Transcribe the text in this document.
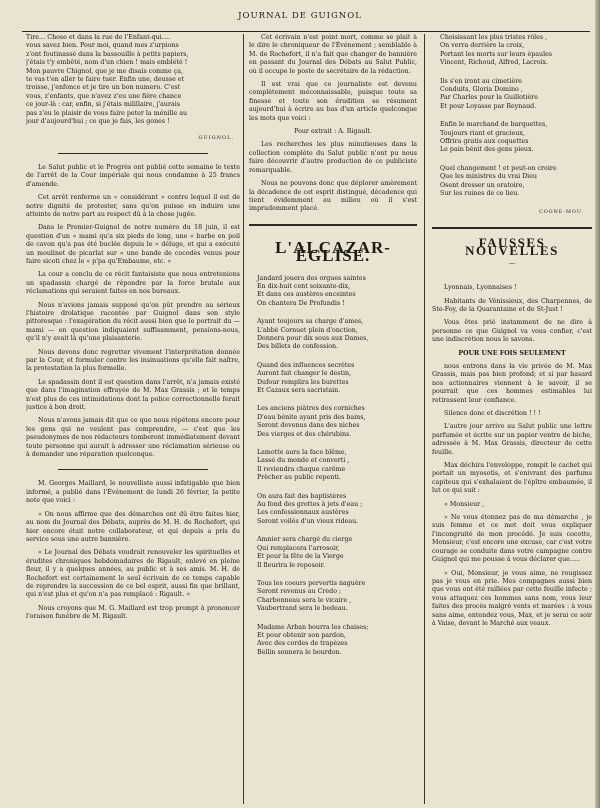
JOURNAL DE GUIGNOL
Tire… Chose et dans la rue de l'Enfant-qui….
vous savez bien. Pour moi, quand mes z'urpions
z'ont foutinassé dans la bassouille à petits papiers,
j'étais t'y embêté, nom d'un chien ! mais emblété !
Mon pauvre Chignol, que je me disais comme ça,
te vas t'en aller te faire tuer. Enfin une, deusse et
troisse, j'enfonce et je tire un bon numero. C'est
vous, z'enfants, que n'avez z'eu une fière chance
ce jour-là : car, enfin, si j'étais milillaire, j'aurais
pas z'eu le plaisir de vous faire peter la ménille au
jour d'aujourd'hui ; ce que je fais, les gones !
GUIGNOL.

Le Salut public et le Progrès ont publié cette semaine le texte de l'arrêt de la Cour impériale qui nous condamne à 25 francs d'amende.

Cet arrêt renferme un « considérant » contre lequel il est de notre dignité de protester, sans qu'on puisse en induire une atteinte de notre part au respect dû à la chose jugée.

Dans le Premier-Guignol de notre numéro du 18 juin, il est question d'un « mami qu'a six pieds de long, une « barbe en poil de cavon qu'a pas été buclée depuis le « déluge, et qui a exécuté un moulinet de picarlat sur « une bande de cocodès venus pour faire sicoti chez le « p'pa qu'Embaume, etc. »

La cour a conclu de ce récit fantaisiste que nous entretenions un spadassin chargé de répondre par la force brutale aux réclamations qui seraient faites en nos bureaux.

Nous n'avions jamais supposé qu'on pût prendre au sérieux l'histoire drolatique racontée par Guignol dans son style pittoresque : l'exagération du récit aussi bien que le portrait du — mami — en question indiquaient suffisamment, pensions-nous, qu'il n'y avait là qu'une plaisanterie.

Nous devons donc regretter vivement l'interprétation donnée par la Cour, et formuler contre les insinuations qu'elle fait naître, la protestation la plus formelle.

Le spadassin dont il est question dans l'arrêt, n'a jamais existé que dans l'imagination effrayée de M. Max Grassis ; et le temps n'est plus de ces intimidations dont la police correctionnelle ferait justice à bon droit.

Nous n'avons jamais dit que ce que nous répétons encore pour les gens qui ne veulent pas comprendre, — c'est que les pseudonymes de nos rédacteurs tomberont immédiatement devant toute personne qui aurait à adresser une réclamation sérieuse ou à demander une réparation quelconque.

M. Georges Maillard, le nouvelliste aussi infatigable que bien informé, a publié dans l'Événement de lundi 26 février, la petite note que voici :

« On nous affirme que des démarches ont dû être faites hier, au nom du Journal des Débats, auprès de M. H. de Rochefort, qui hier encore était notre collaborateur, et qui depuis a pris du service sous une autre bannière.

« Le Journal des Débats voudrait renouveler les spirituelles et érudites chroniques hebdomadaires de Rigault, enlevé en pleine fleur, il y a quelques années, au public et à ses amis. M. H. de Rochefort est certainement le seul écrivain de ce temps capable de reprendre la succession de ce bel esprit, aussi fin que brillant, qui n'est plus et qu'on n'a pas remplacé : Rigault. »

Nous croyons que M. G. Maillard est trop prompt à prononcer l'oraison funèbre de M. Rigault.

Cet écrivain n'est point mort, comme se plait à le dire le chroniqueur de l'Événement ; semblable à M. de Rochefort, il n'a fait que changer de bannière en passant du Journal des Débats au Salut Public, où il occupe le poste de secrétaire de la rédaction.

Il est vrai que ce journaliste est devenu complètement méconnaissable, puisque toute sa finesse et toute son érudition se résument aujourd'hui à écrire au bas d'un article quelconque les mots que voici :

Pour extrait : A. Rigault.

Les recherches les plus minutieuses dans la collection complète du Salut public n'ont pu nous faire découvrir d'autre production de ce publiciste remarquable.

Nous ne pouvons donc que déplorer amèrement la décadence de cet esprit distingué, décadence qui tient évidemment au milieu où il s'est imprudemment placé.

L'ALCAZAR-ÉGLISE.
Jandard jouera des orgues saintes
En dix-huit cent soixante-dix,
Et dans ces austères enceintes
On chantera De Profundis !
Ayant toujours sa charge d'ames,
L'abbé Cornuet plein d'onction,
Donnera pour dix sous aux Dames,
Des billets de confession.
Quand des influences secrètes
Auront fait changer le destin,
Dufour remplira les burettes
Et Cazaux sera sacristain.
Les anciens piâtres des corniches
D'eau bénite ayant pris des bains,
Seront devenus dans des niches
Des vierges et des chérubins.
Lamotte aura la face blême,
Lassé du monde et converti ,
Il reviendra chaque carême
Prêcher au public repenti.
On aura fait des baptistères
Au fond des grottes à jets d'eau ;
Les confessionnaux austères
Seront voilés d'un vieux rideau.
Amnier sera chargé du cierge
Qui remplacera l'arrosoir,
Et pour la fête de la Vierge
Il fleurira le reposoir.
Tous les coeurs pervertis naguère
Seront revenus au Credo ;
Charbonneau sera le vicaire ,
Vaubertrand sera le bedeau.
Madame Arban bourra les chaises;
Et pour obtenir son pardon,
Avec des cordes de trapèzes
Bellin sonnera le bourdon.
Choisissant les plus tristes rôles ,
On verra derrière la croix,
Portant les morts sur leurs épaules
Vincent, Richoud, Alfred, Lacroix.
Ils s'en iront au cimetière
Conduits, Gloria Domino ,
Par Charles pour la Guillotière
Et pour Loyasse par Reynaud.
Enfin le marchand de barquettes,
Toujours riant et gracieux,
Offrira gratis aux coquettes
Le pain bénit des gens pieux.
Quel changement ! et peut-on croire
Que les ministres du vrai Dieu
Osent dresser un oratoire,
Sur les ruines de ce lieu.
COGNE-MOU.
FAUSSES NOUVELLES
—

Lyonnais, Lyonnaises !

Habitants de Vénissieux, des Charpennes, de Ste-Foy, de la Quarantaine et de St-Just !

Vous êtes prié instamment de ne dire à personne ce que Guignol va vous confier, c'est une indiscrétion nous le savons.

POUR UNE FOIS SEULEMENT

nous entrons dans la vie privée de M. Max Grassis, mais pas bien profond; et si par hasard nos actionnaires viennent à le savoir, il se pourrait que ces hommes estimables lui retirassent leur confiance.

Silence donc et discrétion ! ! !

L'autre jour arrive au Salut public une lettre parfumée et écrite sur un papier ventre de biche, adressée à M. Max Grassis, directeur de cette feuille.

Max déchira l'enveloppe, rompit le cachet qui portait un myosotis, et s'enivrant des parfums capiteux qui s'exhalaient de l'épître embaumée, il lut ce qui suit :

« Monsieur ,

« Ne vous étonnez pas de ma démarche , je suis femme et ce mot doit vous expliquer l'incongruité de mon procédé. Je suis cocotte, Monsieur, c'est encore une excuse, car c'est votre courage se conduite dans votre campagne contre Guignol qui me pousse à vous déclarer que…..

« Oui, Monsieur, je vous aime, ne rougissez pas je vous en prie. Mes compagnes aussi bien que vous ont été raillées par cette feuille infecte ; vous attaquez ces hommes sans nom, vous leur faites des procès malgré vents et marées : à vous sans aime, entendez vous, Max, et je serai ce soir à Vaise, devant le Marché aux veaux.
